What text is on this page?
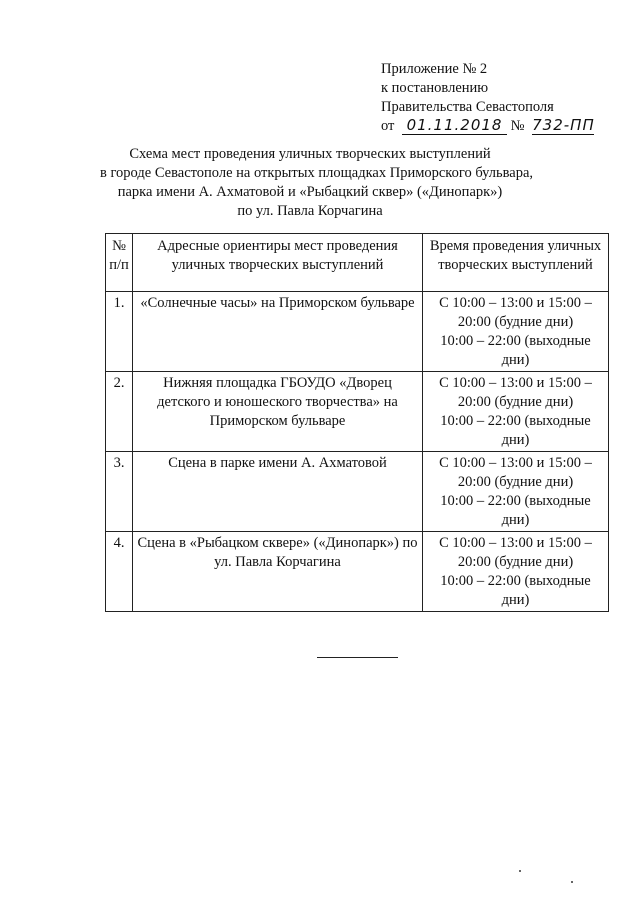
Приложение № 2
к постановлению
Правительства Севастополя
от 01.11.2018 № 732-ПП
Схема мест проведения уличных творческих выступлений
в городе Севастополе на открытых площадках Приморского бульвара,
парка имени А. Ахматовой и «Рыбацкий сквер» («Динопарк»)
по ул. Павла Корчагина
№ п/п	Адресные ориентиры мест проведения уличных творческих выступлений	Время проведения уличных творческих выступлений
1.	«Солнечные часы» на Приморском бульваре	С 10:00 – 13:00 и 15:00 – 20:00 (будние дни)
10:00 – 22:00 (выходные дни)

2.	Нижняя площадка ГБОУДО «Дворец детского и юношеского творчества» на Приморском бульваре	С 10:00 – 13:00 и 15:00 – 20:00 (будние дни)
10:00 – 22:00 (выходные дни)

3.	Сцена в парке имени А. Ахматовой	С 10:00 – 13:00 и 15:00 – 20:00 (будние дни)
10:00 – 22:00 (выходные дни)

4.	Сцена в «Рыбацком сквере» («Динопарк») по ул. Павла Корчагина	С 10:00 – 13:00 и 15:00 – 20:00 (будние дни)
10:00 – 22:00 (выходные дни)
